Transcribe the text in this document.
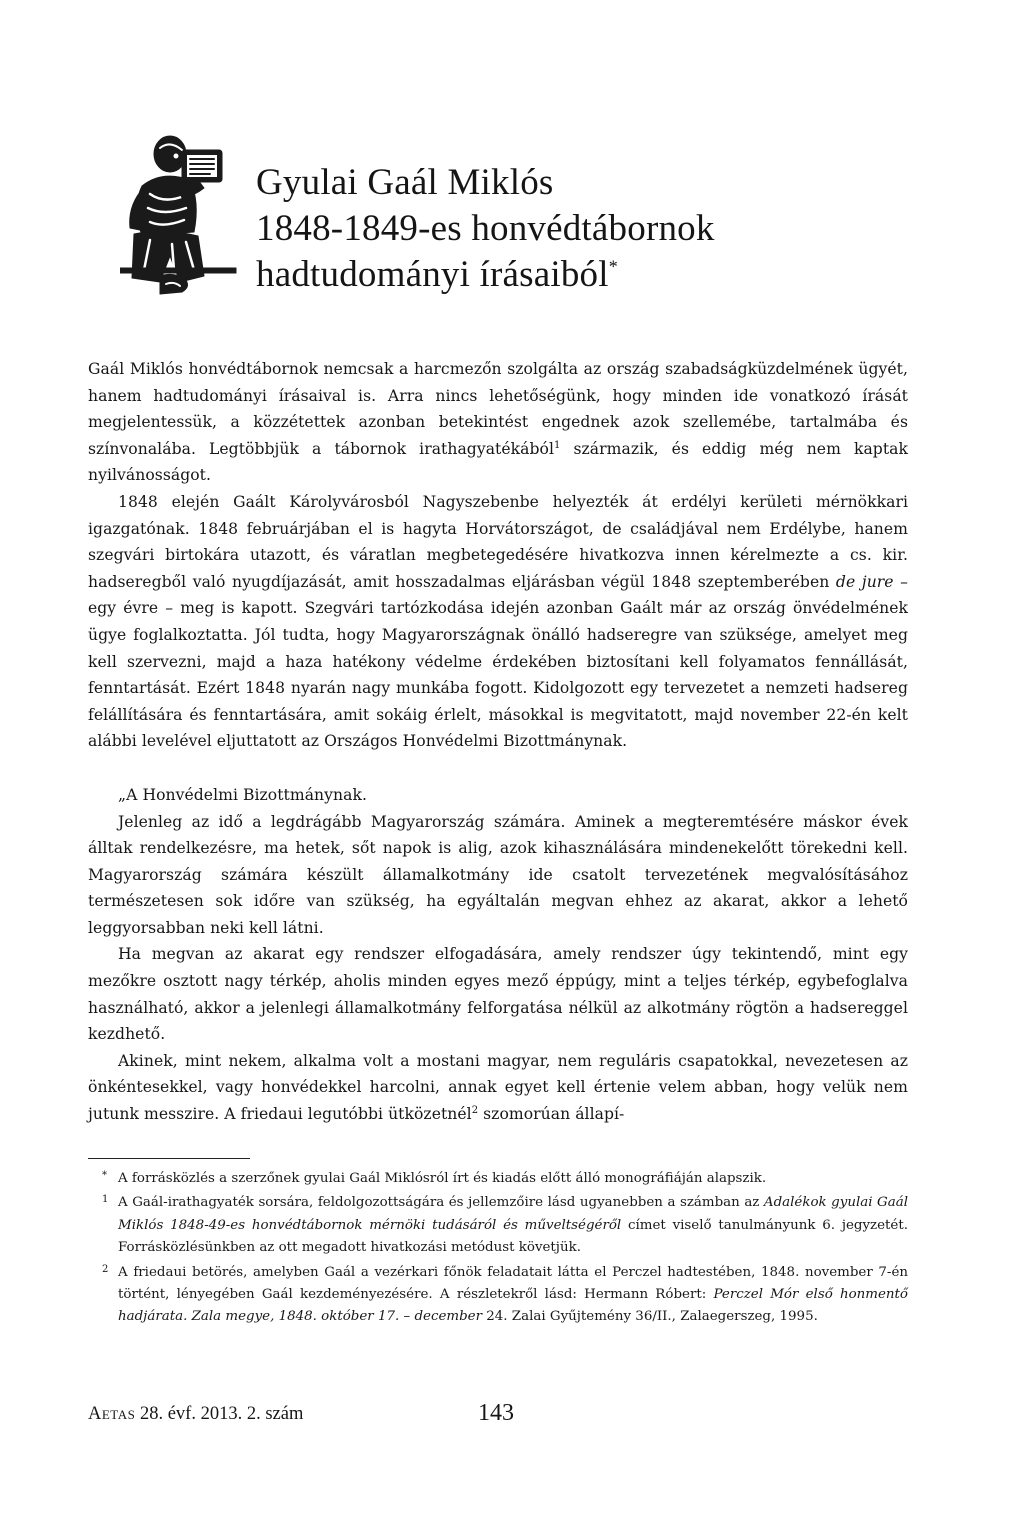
Gyulai Gaál Miklós
1848-1849-es honvédtábornok
hadtudományi írásaiból*

Gaál Miklós honvédtábornok nemcsak a harcmezőn szolgálta az ország szabadságküzdelmének ügyét, hanem hadtudományi írásaival is. Arra nincs lehetőségünk, hogy minden ide vonatkozó írását megjelentessük, a közzétettek azonban betekintést engednek azok szellemébe, tartalmába és színvonalába. Legtöbbjük a tábornok irathagyatékából$^1$ származik, és eddig még nem kaptak nyilvánosságot.

1848 elején Gaált Károlyvárosból Nagyszebenbe helyezték át erdélyi kerületi mérnökkari igazgatónak. 1848 februárjában el is hagyta Horvátországot, de családjával nem Erdélybe, hanem szegvári birtokára utazott, és váratlan megbetegedésére hivatkozva innen kérelmezte a cs. kir. hadseregből való nyugdíjazását, amit hosszadalmas eljárásban végül 1848 szeptemberében de jure – egy évre – meg is kapott. Szegvári tartózkodása idején azonban Gaált már az ország önvédelmének ügye foglalkoztatta. Jól tudta, hogy Magyarországnak önálló hadseregre van szüksége, amelyet meg kell szervezni, majd a haza hatékony védelme érdekében biztosítani kell folyamatos fennállását, fenntartását. Ezért 1848 nyarán nagy munkába fogott. Kidolgozott egy tervezetet a nemzeti hadsereg felállítására és fenntartására, amit sokáig érlelt, másokkal is megvitatott, majd november 22-én kelt alábbi levelével eljuttatott az Országos Honvédelmi Bizottmánynak.

„A Honvédelmi Bizottmánynak.

Jelenleg az idő a legdrágább Magyarország számára. Aminek a megteremtésére máskor évek álltak rendelkezésre, ma hetek, sőt napok is alig, azok kihasználására mindenekelőtt törekedni kell. Magyarország számára készült államalkotmány ide csatolt tervezetének megvalósításához természetesen sok időre van szükség, ha egyáltalán megvan ehhez az akarat, akkor a lehető leggyorsabban neki kell látni.

Ha megvan az akarat egy rendszer elfogadására, amely rendszer úgy tekintendő, mint egy mezőkre osztott nagy térkép, aholis minden egyes mező éppúgy, mint a teljes térkép, egybefoglalva használható, akkor a jelenlegi államalkotmány felforgatása nélkül az alkotmány rögtön a hadsereggel kezdhető.

Akinek, mint nekem, alkalma volt a mostani magyar, nem reguláris csapatokkal, nevezetesen az önkéntesekkel, vagy honvédekkel harcolni, annak egyet kell értenie velem abban, hogy velük nem jutunk messzire. A friedaui legutóbbi ütközetnél$^2$ szomorúan állapí-

* A forrásközlés a szerzőnek gyulai Gaál Miklósról írt és kiadás előtt álló monográfiáján alapszik.
1 A Gaál-irathagyaték sorsára, feldolgozottságára és jellemzőire lásd ugyanebben a számban az Adalékok gyulai Gaál Miklós 1848-49-es honvédtábornok mérnöki tudásáról és műveltségéről címet viselő tanulmányunk 6. jegyzetét. Forrásközlésünkben az ott megadott hivatkozási metódust követjük.
2 A friedaui betörés, amelyben Gaál a vezérkari főnök feladatait látta el Perczel hadtestében, 1848. november 7-én történt, lényegében Gaál kezdeményezésére. A részletekről lásd: Hermann Róbert: Perczel Mór első honmentő hadjárata. Zala megye, 1848. október 17. – december 24. Zalai Gyűjtemény 36/II., Zalaegerszeg, 1995.
Aetas 28. évf. 2013. 2. szám	143
